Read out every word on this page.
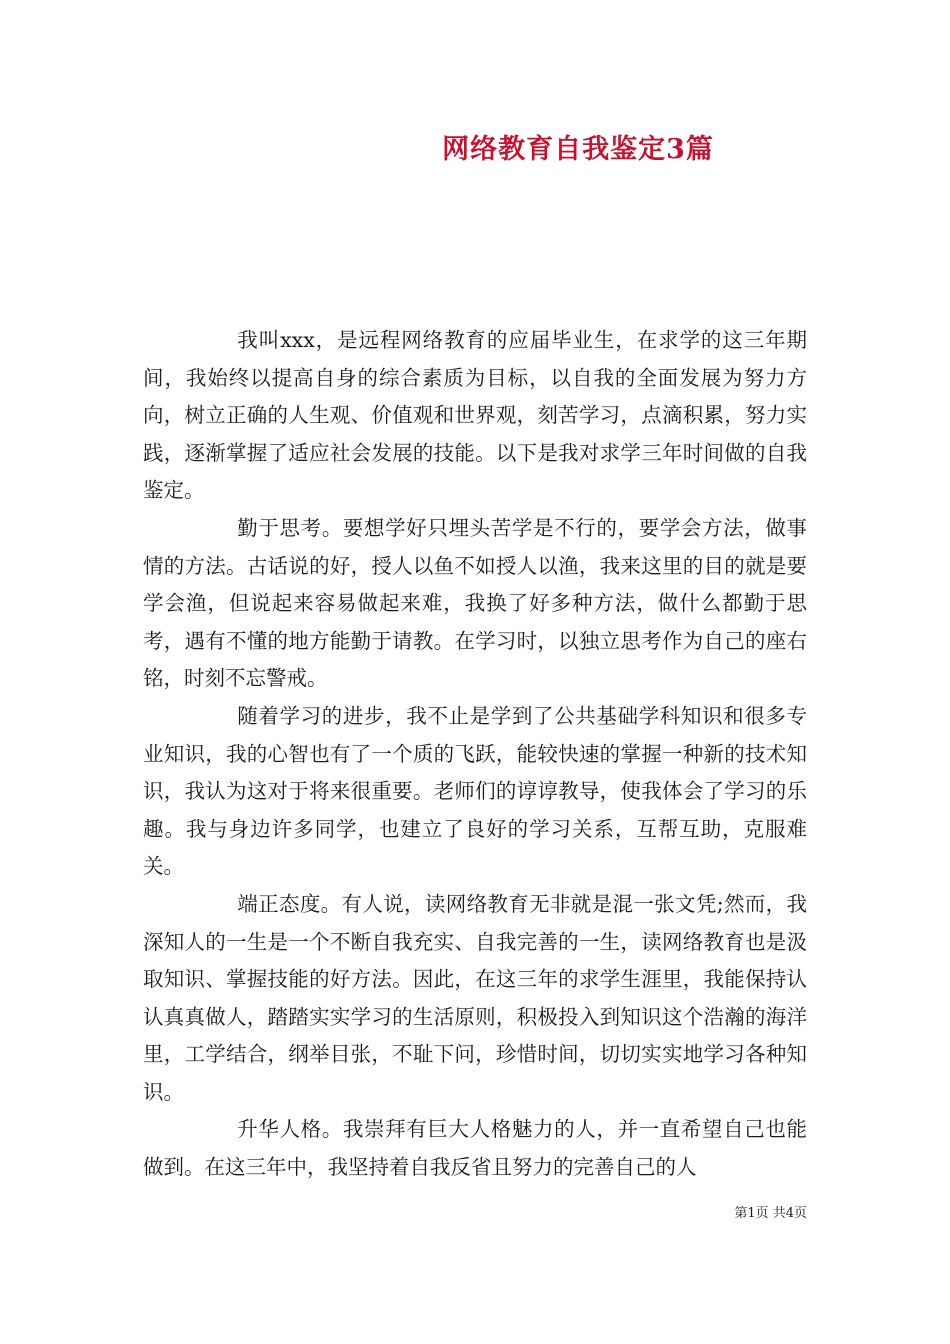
网络教育自我鉴定3篇

我叫xxx，是远程网络教育的应届毕业生，在求学的这三年期间，我始终以提高自身的综合素质为目标，以自我的全面发展为努力方向，树立正确的人生观、价值观和世界观，刻苦学习，点滴积累，努力实践，逐渐掌握了适应社会发展的技能。以下是我对求学三年时间做的自我鉴定。

勤于思考。要想学好只埋头苦学是不行的，要学会方法，做事情的方法。古话说的好，授人以鱼不如授人以渔，我来这里的目的就是要学会渔，但说起来容易做起来难，我换了好多种方法，做什么都勤于思考，遇有不懂的地方能勤于请教。在学习时，以独立思考作为自己的座右铭，时刻不忘警戒。

随着学习的进步，我不止是学到了公共基础学科知识和很多专业知识，我的心智也有了一个质的飞跃，能较快速的掌握一种新的技术知识，我认为这对于将来很重要。老师们的谆谆教导，使我体会了学习的乐趣。我与身边许多同学，也建立了良好的学习关系，互帮互助，克服难关。

端正态度。有人说，读网络教育无非就是混一张文凭;然而，我深知人的一生是一个不断自我充实、自我完善的一生，读网络教育也是汲取知识、掌握技能的好方法。因此，在这三年的求学生涯里，我能保持认认真真做人，踏踏实实学习的生活原则，积极投入到知识这个浩瀚的海洋里，工学结合，纲举目张，不耻下问，珍惜时间，切切实实地学习各种知识。

升华人格。我崇拜有巨大人格魅力的人，并一直希望自己也能做到。在这三年中，我坚持着自我反省且努力的完善自己的人

第1页 共4页
